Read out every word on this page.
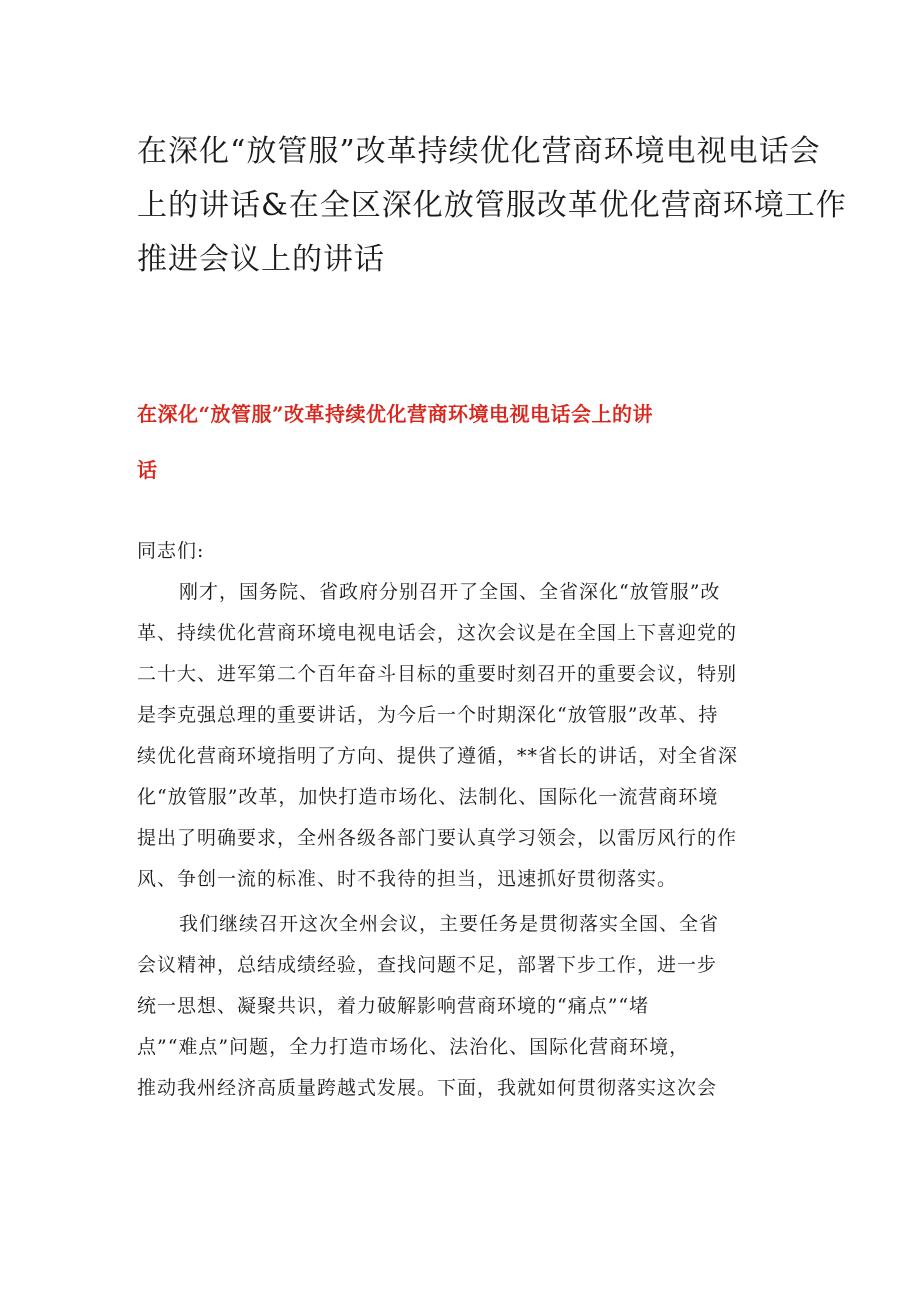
在深化“放管服”改革持续优化营商环境电视电话会
上的讲话&在全区深化放管服改革优化营商环境工作
推进会议上的讲话
在深化“放管服”改革持续优化营商环境电视电话会上的讲
话
同志们:
刚才，国务院、省政府分别召开了全国、全省深化“放管服”改
革、持续优化营商环境电视电话会，这次会议是在全国上下喜迎党的
二十大、进军第二个百年奋斗目标的重要时刻召开的重要会议，特别
是李克强总理的重要讲话，为今后一个时期深化“放管服”改革、持
续优化营商环境指明了方向、提供了遵循，**省长的讲话，对全省深
化“放管服”改革，加快打造市场化、法制化、国际化一流营商环境
提出了明确要求，全州各级各部门要认真学习领会，以雷厉风行的作
风、争创一流的标准、时不我待的担当，迅速抓好贯彻落实。
我们继续召开这次全州会议，主要任务是贯彻落实全国、全省
会议精神，总结成绩经验，查找问题不足，部署下步工作，进一步
统一思想、凝聚共识，着力破解影响营商环境的“痛点”“堵
点”“难点”问题，全力打造市场化、法治化、国际化营商环境，
推动我州经济高质量跨越式发展。下面，我就如何贯彻落实这次会
